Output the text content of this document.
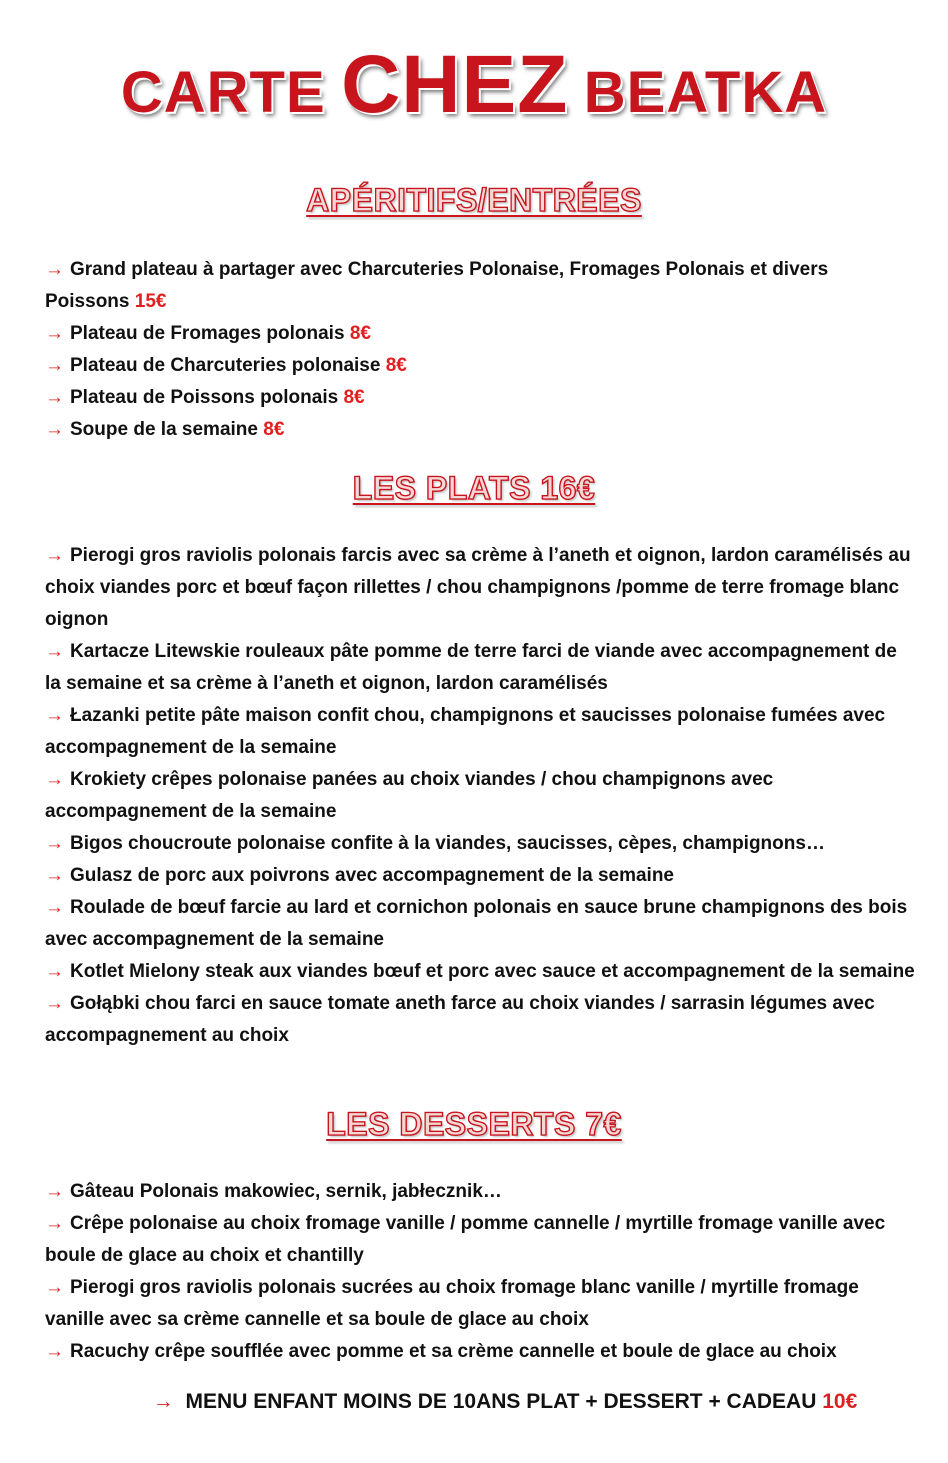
CARTE CHEZ BEATKA
APÉRITIFS/ENTRÉES
→ Grand plateau à partager avec Charcuteries Polonaise, Fromages Polonais et divers Poissons 15€
→ Plateau de Fromages polonais 8€
→ Plateau de Charcuteries polonaise 8€
→ Plateau de Poissons polonais 8€
→ Soupe de la semaine 8€
LES PLATS 16€
→ Pierogi gros raviolis polonais farcis avec sa crème à l’aneth et oignon, lardon caramélisés au choix viandes porc et bœuf façon rillettes / chou champignons /pomme de terre fromage blanc oignon
→ Kartacze Litewskie rouleaux pâte pomme de terre farci de viande avec accompagnement de la semaine et sa crème à l’aneth et oignon, lardon caramélisés
→ Łazanki petite pâte maison confit chou, champignons et saucisses polonaise fumées avec accompagnement de la semaine
→ Krokiety crêpes polonaise panées au choix viandes / chou champignons avec accompagnement de la semaine
→ Bigos choucroute polonaise confite à la viandes, saucisses, cèpes, champignons…
→ Gulasz de porc aux poivrons avec accompagnement de la semaine
→ Roulade de bœuf farcie au lard et cornichon polonais en sauce brune champignons des bois avec accompagnement de la semaine
→ Kotlet Mielony steak aux viandes bœuf et porc avec sauce et accompagnement de la semaine
→ Gołąbki chou farci en sauce tomate aneth farce au choix viandes / sarrasin légumes avec accompagnement au choix
LES DESSERTS 7€
→ Gâteau Polonais makowiec, sernik, jabłecznik…
→ Crêpe polonaise au choix fromage vanille / pomme cannelle / myrtille fromage vanille avec boule de glace au choix et chantilly
→ Pierogi gros raviolis polonais sucrées au choix fromage blanc vanille / myrtille fromage vanille avec sa crème cannelle et sa boule de glace au choix
→ Racuchy crêpe soufflée avec pomme et sa crème cannelle et boule de glace au choix
→ MENU ENFANT MOINS DE 10ANS PLAT + DESSERT + CADEAU 10€
